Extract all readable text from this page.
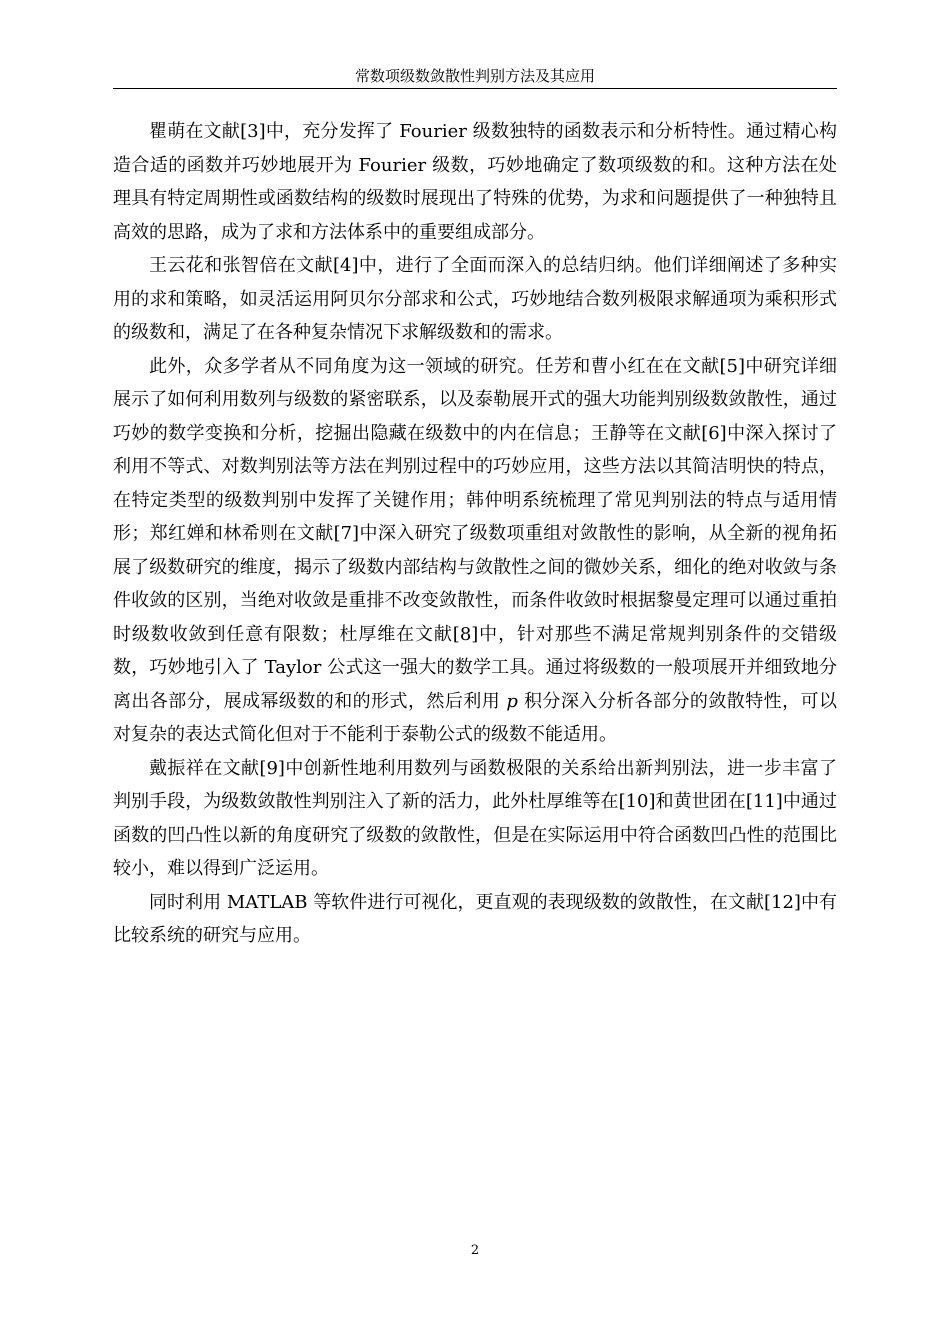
常数项级数敛散性判别方法及其应用

瞿萌在文献[3]中，充分发挥了 Fourier 级数独特的函数表示和分析特性。通过精心构造合适的函数并巧妙地展开为 Fourier 级数，巧妙地确定了数项级数的和。这种方法在处理具有特定周期性或函数结构的级数时展现出了特殊的优势，为求和问题提供了一种独特且高效的思路，成为了求和方法体系中的重要组成部分。

王云花和张智倍在文献[4]中，进行了全面而深入的总结归纳。他们详细阐述了多种实用的求和策略，如灵活运用阿贝尔分部求和公式，巧妙地结合数列极限求解通项为乘积形式的级数和，满足了在各种复杂情况下求解级数和的需求。

此外，众多学者从不同角度为这一领域的研究。任芳和曹小红在在文献[5]中研究详细展示了如何利用数列与级数的紧密联系，以及泰勒展开式的强大功能判别级数敛散性，通过巧妙的数学变换和分析，挖掘出隐藏在级数中的内在信息；王静等在文献[6]中深入探讨了利用不等式、对数判别法等方法在判别过程中的巧妙应用，这些方法以其简洁明快的特点，在特定类型的级数判别中发挥了关键作用；韩仲明系统梳理了常见判别法的特点与适用情形；郑红婵和林希则在文献[7]中深入研究了级数项重组对敛散性的影响，从全新的视角拓展了级数研究的维度，揭示了级数内部结构与敛散性之间的微妙关系，细化的绝对收敛与条件收敛的区别，当绝对收敛是重排不改变敛散性，而条件收敛时根据黎曼定理可以通过重拍时级数收敛到任意有限数；杜厚维在文献[8]中，针对那些不满足常规判别条件的交错级数，巧妙地引入了 Taylor 公式这一强大的数学工具。通过将级数的一般项展开并细致地分离出各部分，展成幂级数的和的形式，然后利用 p 积分深入分析各部分的敛散特性，可以对复杂的表达式简化但对于不能利于泰勒公式的级数不能适用。

戴振祥在文献[9]中创新性地利用数列与函数极限的关系给出新判别法，进一步丰富了判别手段，为级数敛散性判别注入了新的活力，此外杜厚维等在[10]和黄世团在[11]中通过函数的凹凸性以新的角度研究了级数的敛散性，但是在实际运用中符合函数凹凸性的范围比较小，难以得到广泛运用。

同时利用 MATLAB 等软件进行可视化，更直观的表现级数的敛散性，在文献[12]中有比较系统的研究与应用。

2
